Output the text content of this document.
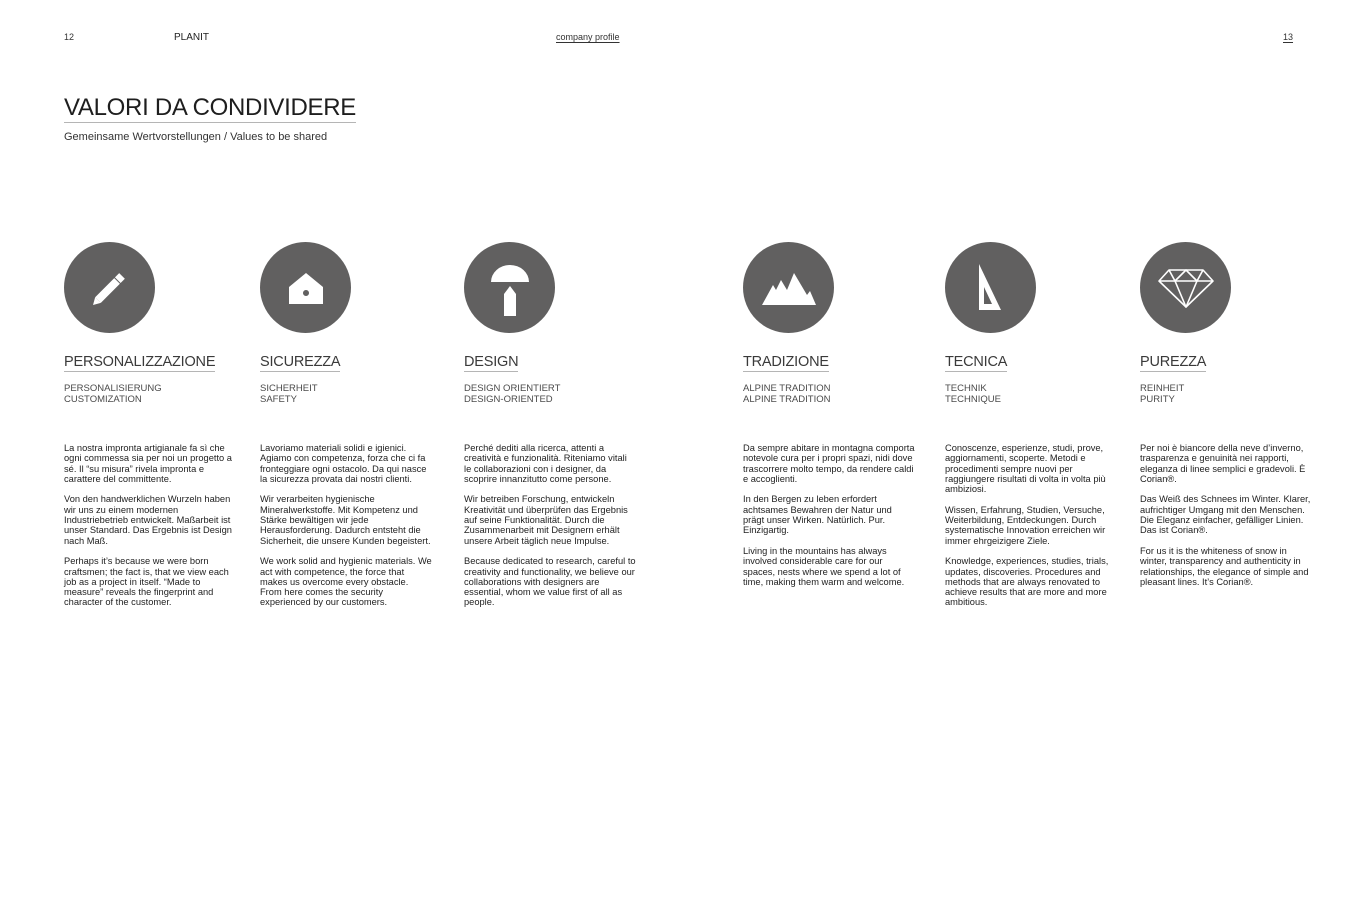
12	PLANIT	company profile	13
VALORI DA CONDIVIDERE
Gemeinsame Wertvorstellungen / Values to be shared
PERSONALIZZAZIONE
PERSONALISIERUNG
CUSTOMIZATION

La nostra impronta artigianale fa sì che ogni commessa sia per noi un progetto a sé. Il “su misura” rivela impronta e carattere del committente.

Von den handwerklichen Wurzeln haben wir uns zu einem modernen Industriebetrieb entwickelt. Maßarbeit ist unser Standard. Das Ergebnis ist Design nach Maß.

Perhaps it’s because we were born craftsmen; the fact is, that we view each job as a project in itself. “Made to measure” reveals the fingerprint and character of the customer.

SICUREZZA
SICHERHEIT
SAFETY

Lavoriamo materiali solidi e igienici. Agiamo con competenza, forza che ci fa fronteggiare ogni ostacolo. Da qui nasce la sicurezza provata dai nostri clienti.

Wir verarbeiten hygienische Mineralwerkstoffe. Mit Kompetenz und Stärke bewältigen wir jede Herausforderung. Dadurch entsteht die Sicherheit, die unsere Kunden begeistert.

We work solid and hygienic materials. We act with competence, the force that makes us overcome every obstacle. From here comes the security experienced by our customers.

DESIGN
DESIGN ORIENTIERT
DESIGN-ORIENTED

Perché dediti alla ricerca, attenti a creatività e funzionalità. Riteniamo vitali le collaborazioni con i designer, da scoprire innanzitutto come persone.

Wir betreiben Forschung, entwickeln Kreativität und überprüfen das Ergebnis auf seine Funktionalität. Durch die Zusammenarbeit mit Designern erhält unsere Arbeit täglich neue Impulse.

Because dedicated to research, careful to creativity and functionality, we believe our collaborations with designers are essential, whom we value first of all as people.

TRADIZIONE
ALPINE TRADITION
ALPINE TRADITION

Da sempre abitare in montagna comporta notevole cura per i propri spazi, nidi dove trascorrere molto tempo, da rendere caldi e accoglienti.

In den Bergen zu leben erfordert achtsames Bewahren der Natur und prägt unser Wirken. Natürlich. Pur. Einzigartig.

Living in the mountains has always involved considerable care for our spaces, nests where we spend a lot of time, making them warm and welcome.

TECNICA
TECHNIK
TECHNIQUE

Conoscenze, esperienze, studi, prove, aggiornamenti, scoperte. Metodi e procedimenti sempre nuovi per raggiungere risultati di volta in volta più ambiziosi.

Wissen, Erfahrung, Studien, Versuche, Weiterbildung, Entdeckungen. Durch systematische Innovation erreichen wir immer ehrgeizigere Ziele.

Knowledge, experiences, studies, trials, updates, discoveries. Procedures and methods that are always renovated to achieve results that are more and more ambitious.

PUREZZA
REINHEIT
PURITY

Per noi è biancore della neve d’inverno, trasparenza e genuinità nei rapporti, eleganza di linee semplici e gradevoli. È Corian®.

Das Weiß des Schnees im Winter. Klarer, aufrichtiger Umgang mit den Menschen. Die Eleganz einfacher, gefälliger Linien. Das ist Corian®.

For us it is the whiteness of snow in winter, transparency and authenticity in relationships, the elegance of simple and pleasant lines. It’s Corian®.
